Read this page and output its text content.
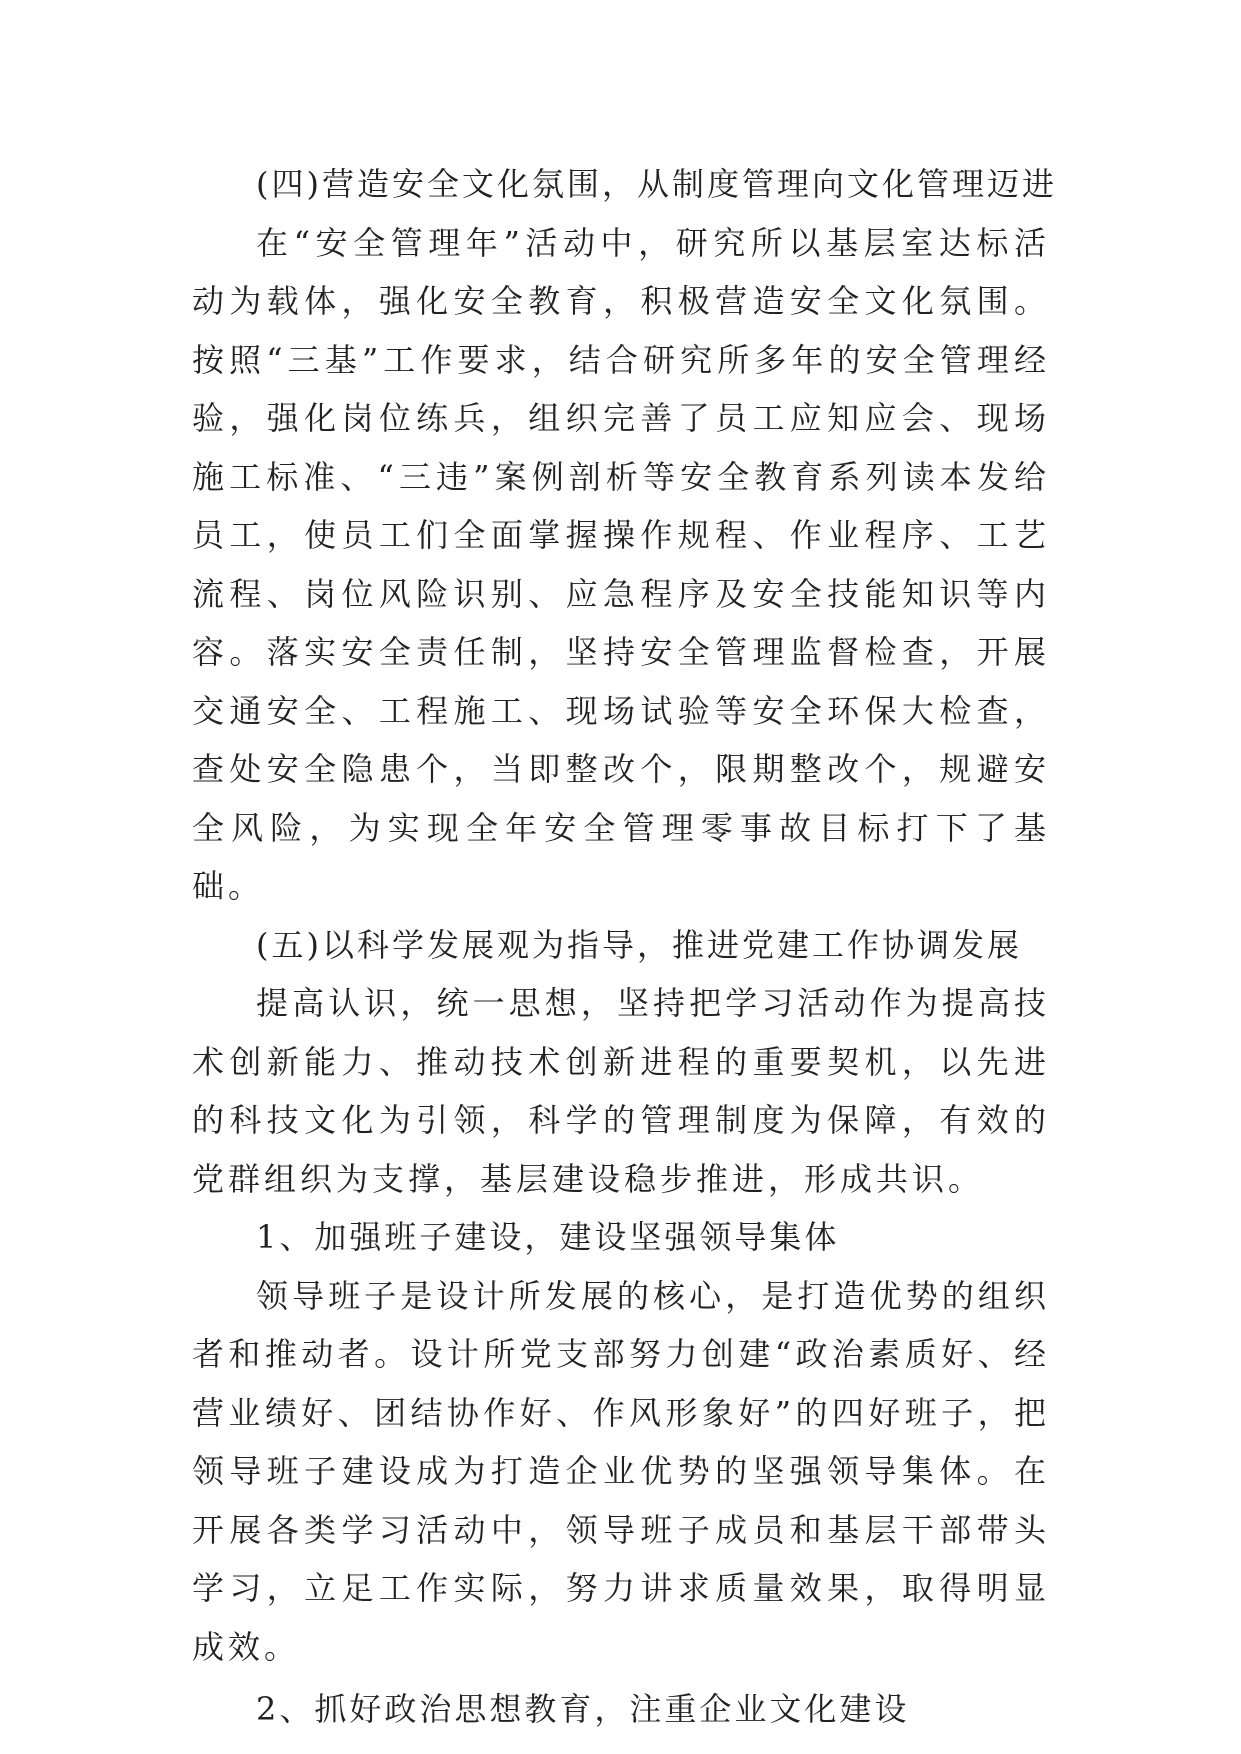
(四)营造安全文化氛围，从制度管理向文化管理迈进

在“安全管理年”活动中，研究所以基层室达标活动为载体，强化安全教育，积极营造安全文化氛围。按照“三基”工作要求，结合研究所多年的安全管理经验，强化岗位练兵，组织完善了员工应知应会、现场施工标准、“三违”案例剖析等安全教育系列读本发给员工，使员工们全面掌握操作规程、作业程序、工艺流程、岗位风险识别、应急程序及安全技能知识等内容。落实安全责任制，坚持安全管理监督检查，开展交通安全、工程施工、现场试验等安全环保大检查，查处安全隐患个，当即整改个，限期整改个，规避安全风险，为实现全年安全管理零事故目标打下了基础。

(五)以科学发展观为指导，推进党建工作协调发展

提高认识，统一思想，坚持把学习活动作为提高技术创新能力、推动技术创新进程的重要契机，以先进的科技文化为引领，科学的管理制度为保障，有效的党群组织为支撑，基层建设稳步推进，形成共识。

1、加强班子建设，建设坚强领导集体

领导班子是设计所发展的核心，是打造优势的组织者和推动者。设计所党支部努力创建“政治素质好、经营业绩好、团结协作好、作风形象好”的四好班子，把领导班子建设成为打造企业优势的坚强领导集体。在开展各类学习活动中，领导班子成员和基层干部带头学习，立足工作实际，努力讲求质量效果，取得明显成效。

2、抓好政治思想教育，注重企业文化建设
